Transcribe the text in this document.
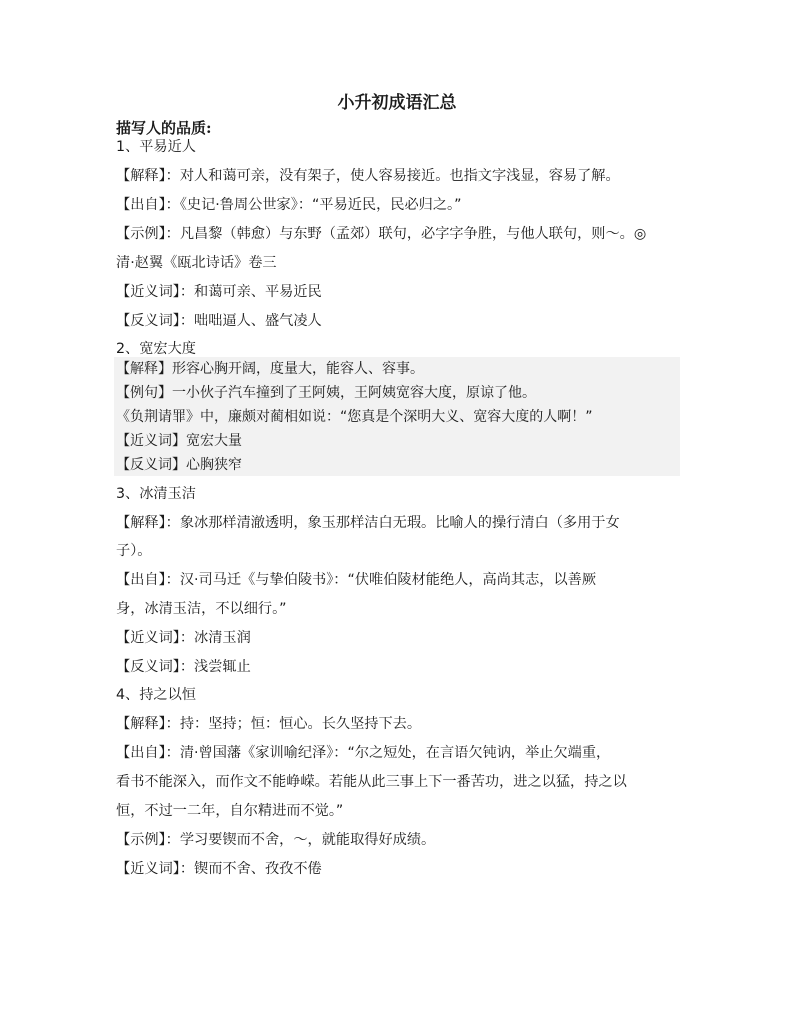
小升初成语汇总
描写人的品质:
1、平易近人
【解释】：对人和蔼可亲，没有架子，使人容易接近。也指文字浅显，容易了解。
【出自】：《史记·鲁周公世家》：“平易近民，民必归之。”
【示例】：凡昌黎（韩愈）与东野（孟郊）联句，必字字争胜，与他人联句，则～。◎
清·赵翼《瓯北诗话》卷三
【近义词】：和蔼可亲、平易近民
【反义词】：咄咄逼人、盛气凌人
2、宽宏大度
【解释】形容心胸开阔，度量大，能容人、容事。
【例句】一小伙子汽车撞到了王阿姨，王阿姨宽容大度，原谅了他。
《负荆请罪》中，廉颇对蔺相如说：“您真是个深明大义、宽容大度的人啊！”
【近义词】宽宏大量
【反义词】心胸狭窄
3、冰清玉洁
【解释】：象冰那样清澈透明，象玉那样洁白无瑕。比喻人的操行清白（多用于女
子）。
【出自】：汉·司马迁《与挚伯陵书》：“伏唯伯陵材能绝人，高尚其志，以善厥
身，冰清玉洁，不以细行。”
【近义词】：冰清玉润
【反义词】：浅尝辄止
4、持之以恒
【解释】：持：坚持；恒：恒心。长久坚持下去。
【出自】：清·曾国藩《家训喻纪泽》：“尔之短处，在言语欠钝讷，举止欠端重，
看书不能深入，而作文不能峥嵘。若能从此三事上下一番苦功，进之以猛，持之以
恒，不过一二年，自尔精进而不觉。”
【示例】：学习要锲而不舍，～，就能取得好成绩。
【近义词】：锲而不舍、孜孜不倦
